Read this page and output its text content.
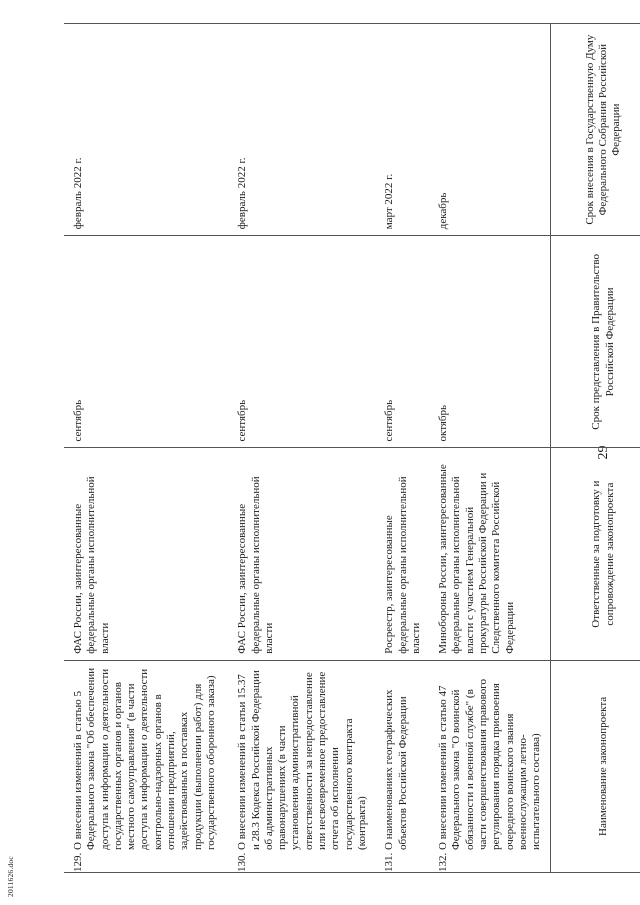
29
2011626.doc
Наименование законопроекта	Ответственные за подготовку и сопровождение законопроекта	Срок представления в Правительство Российской Федерации	Срок внесения в Государственную Думу Федерального Собрания Российской Федерации
129. О внесении изменений в статью 5 Федерального закона "Об обеспечении доступа к информации о деятельности государственных органов и органов местного самоуправления" (в части доступа к информации о деятельности контрольно-надзорных органов в отношении предприятий, задействованных в поставках продукции (выполнении работ) для государственного оборонного заказа)	ФАС России, заинтересованные федеральные органы исполнительной власти	сентябрь	февраль 2022 г.
130. О внесении изменений в статьи 15.37 и 28.3 Кодекса Российской Федерации об административных правонарушениях (в части установления административной ответственности за непредоставление или несвоевременное предоставление отчета об исполнении государственного контракта (контракта)	ФАС России, заинтересованные федеральные органы исполнительной власти	сентябрь	февраль 2022 г.
131. О наименованиях географических объектов Российской Федерации	Росреестр, заинтересованные федеральные органы исполнительной власти	сентябрь	март 2022 г.
132. О внесении изменений в статью 47 Федерального закона "О воинской обязанности и военной службе" (в части совершенствования правового регулирования порядка присвоения очередного воинского звания военнослужащим летно-испытательного состава)	Минобороны России, заинтересованные федеральные органы исполнительной власти с участием Генеральной прокуратуры Российской Федерации и Следственного комитета Российской Федерации	октябрь	декабрь
